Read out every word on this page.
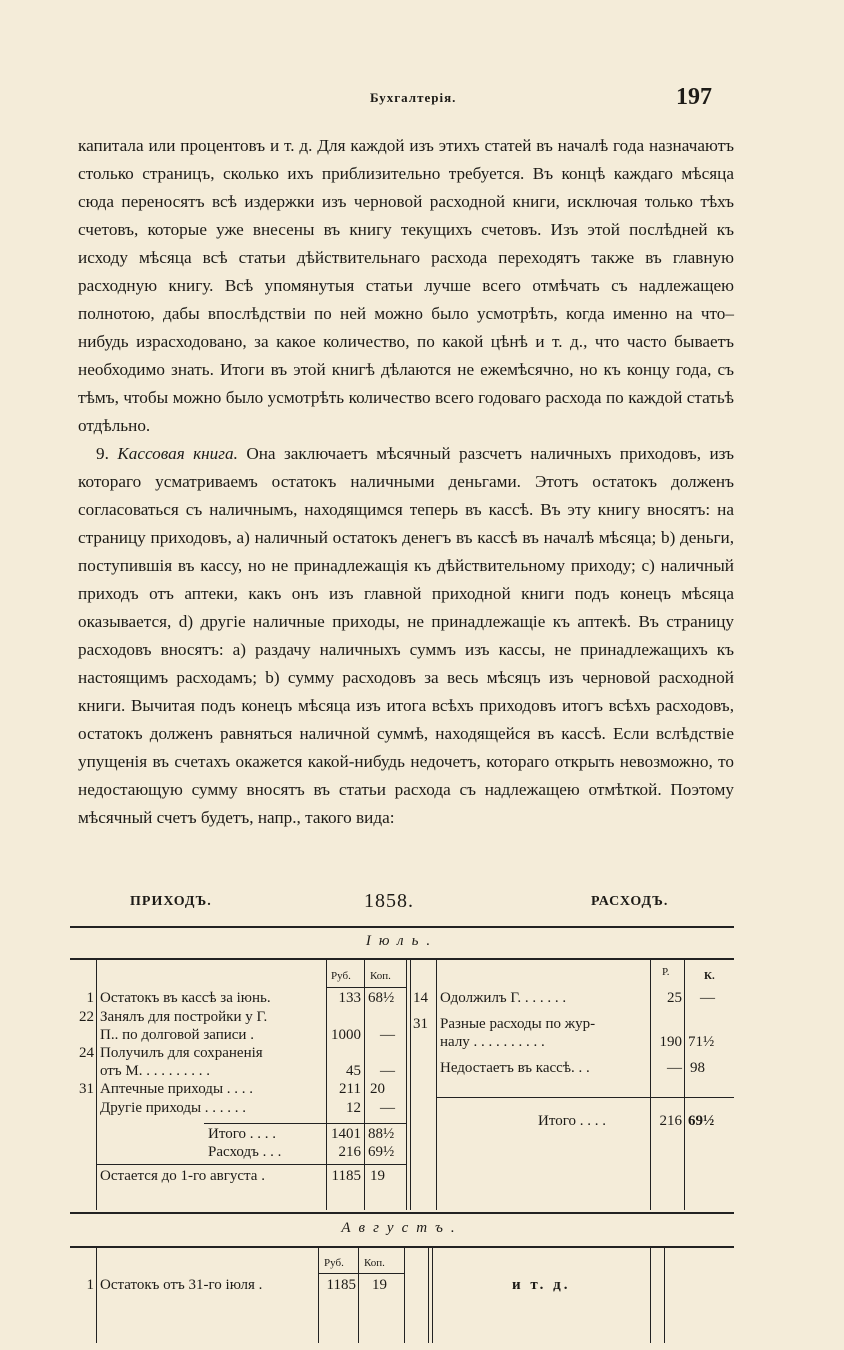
Бухгалтерія.	197

капитала или процентовъ и т. д. Для каждой изъ этихъ статей въ началѣ года назначаютъ столько страницъ, сколько ихъ приблизительно требуется. Въ концѣ каждаго мѣсяца сюда переносятъ всѣ издержки изъ черновой расходной книги, исключая только тѣхъ счетовъ, которые уже внесены въ книгу текущихъ счетовъ. Изъ этой послѣдней къ исходу мѣсяца всѣ статьи дѣйствительнаго расхода переходятъ также въ главную расходную книгу. Всѣ упомянутыя статьи лучше всего отмѣчать съ надлежащею полнотою, дабы впослѣдствіи по ней можно было усмотрѣть, когда именно на что–нибудь израсходовано, за какое количество, по какой цѣнѣ и т. д., что часто бываетъ необходимо знать. Итоги въ этой книгѣ дѣлаются не ежемѣсячно, но къ концу года, съ тѣмъ, чтобы можно было усмотрѣть количество всего годоваго расхода по каждой статьѣ отдѣльно.

9. Кассовая книга. Она заключаетъ мѣсячный разсчетъ наличныхъ приходовъ, изъ котораго усматриваемъ остатокъ наличными деньгами. Этотъ остатокъ долженъ согласоваться съ наличнымъ, находящимся теперь въ кассѣ. Въ эту книгу вносятъ: на страницу приходовъ, a) наличный остатокъ денегъ въ кассѣ въ началѣ мѣсяца; b) деньги, поступившія въ кассу, но не принадлежащія къ дѣйствительному приходу; c) наличный приходъ отъ аптеки, какъ онъ изъ главной приходной книги подъ конецъ мѣсяца оказывается, d) другіе наличные приходы, не принадлежащіе къ аптекѣ. Въ страницу расходовъ вносятъ: a) раздачу наличныхъ суммъ изъ кассы, не принадлежащихъ къ настоящимъ расходамъ; b) сумму расходовъ за весь мѣсяцъ изъ черновой расходной книги. Вычитая подъ конецъ мѣсяца изъ итога всѣхъ приходовъ итогъ всѣхъ расходовъ, остатокъ долженъ равняться наличной суммѣ, находящейся въ кассѣ. Если вслѣдствіе упущенія въ счетахъ окажется какой-нибудь недочетъ, котораго открыть невозможно, то недостающую сумму вносятъ въ статьи расхода съ надлежащею отмѣткой. Поэтому мѣсячный счетъ будетъ, напр., такого вида:

ПРИХОДЪ.	1858.	РАСХОДЪ.
Іюль.
Руб. Коп.	Р.	К.
1 Остатокъ въ кассѣ за іюнь.	133 68½
22 Занялъ для постройки у Г.
П.. по долговой записи .	1000 —
24 Получилъ для сохраненія
отъ М. . . . . . . . . .	45 —
31 Аптечные приходы . . . .	211 20
Другіе приходы . . . . . .	12 —
Итого . . . .	1401 88½
Расходъ . . .	216 69½
Остается до 1-го августа .	1185 19
14 Одолжилъ Г. . . . . . .	25 —
31 Разные расходы по жур-
налу . . . . . . . . . .	190 71½
Недостаетъ въ кассѣ. . .	— 98
Итого . . . .	216 69½
Августъ.
Руб. Коп.
1 Остатокъ отъ 31-го іюля .	1185 19	и т. д.
